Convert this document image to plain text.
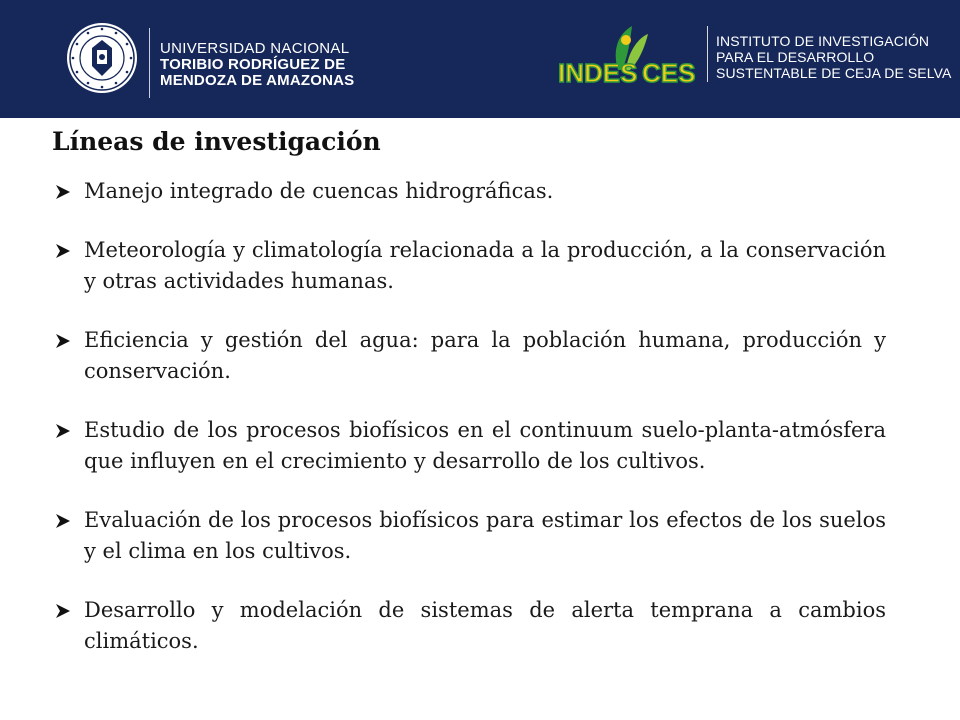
UNIVERSIDAD NACIONAL
TORIBIO RODRÍGUEZ DE
MENDOZA DE AMAZONAS	INDES CES
INSTITUTO DE INVESTIGACIÓN
PARA EL DESARROLLO
SUSTENTABLE DE CEJA DE SELVA
Líneas de investigación
Manejo integrado de cuencas hidrográficas.
Meteorología y climatología relacionada a la producción, a la conservación y otras actividades humanas.
Eficiencia y gestión del agua: para la población humana, producción y conservación.
Estudio de los procesos biofísicos en el continuum suelo-planta-atmósfera que influyen en el crecimiento y desarrollo de los cultivos.
Evaluación de los procesos biofísicos para estimar los efectos de los suelos y el clima en los cultivos.
Desarrollo y modelación de sistemas de alerta temprana a cambios climáticos.
